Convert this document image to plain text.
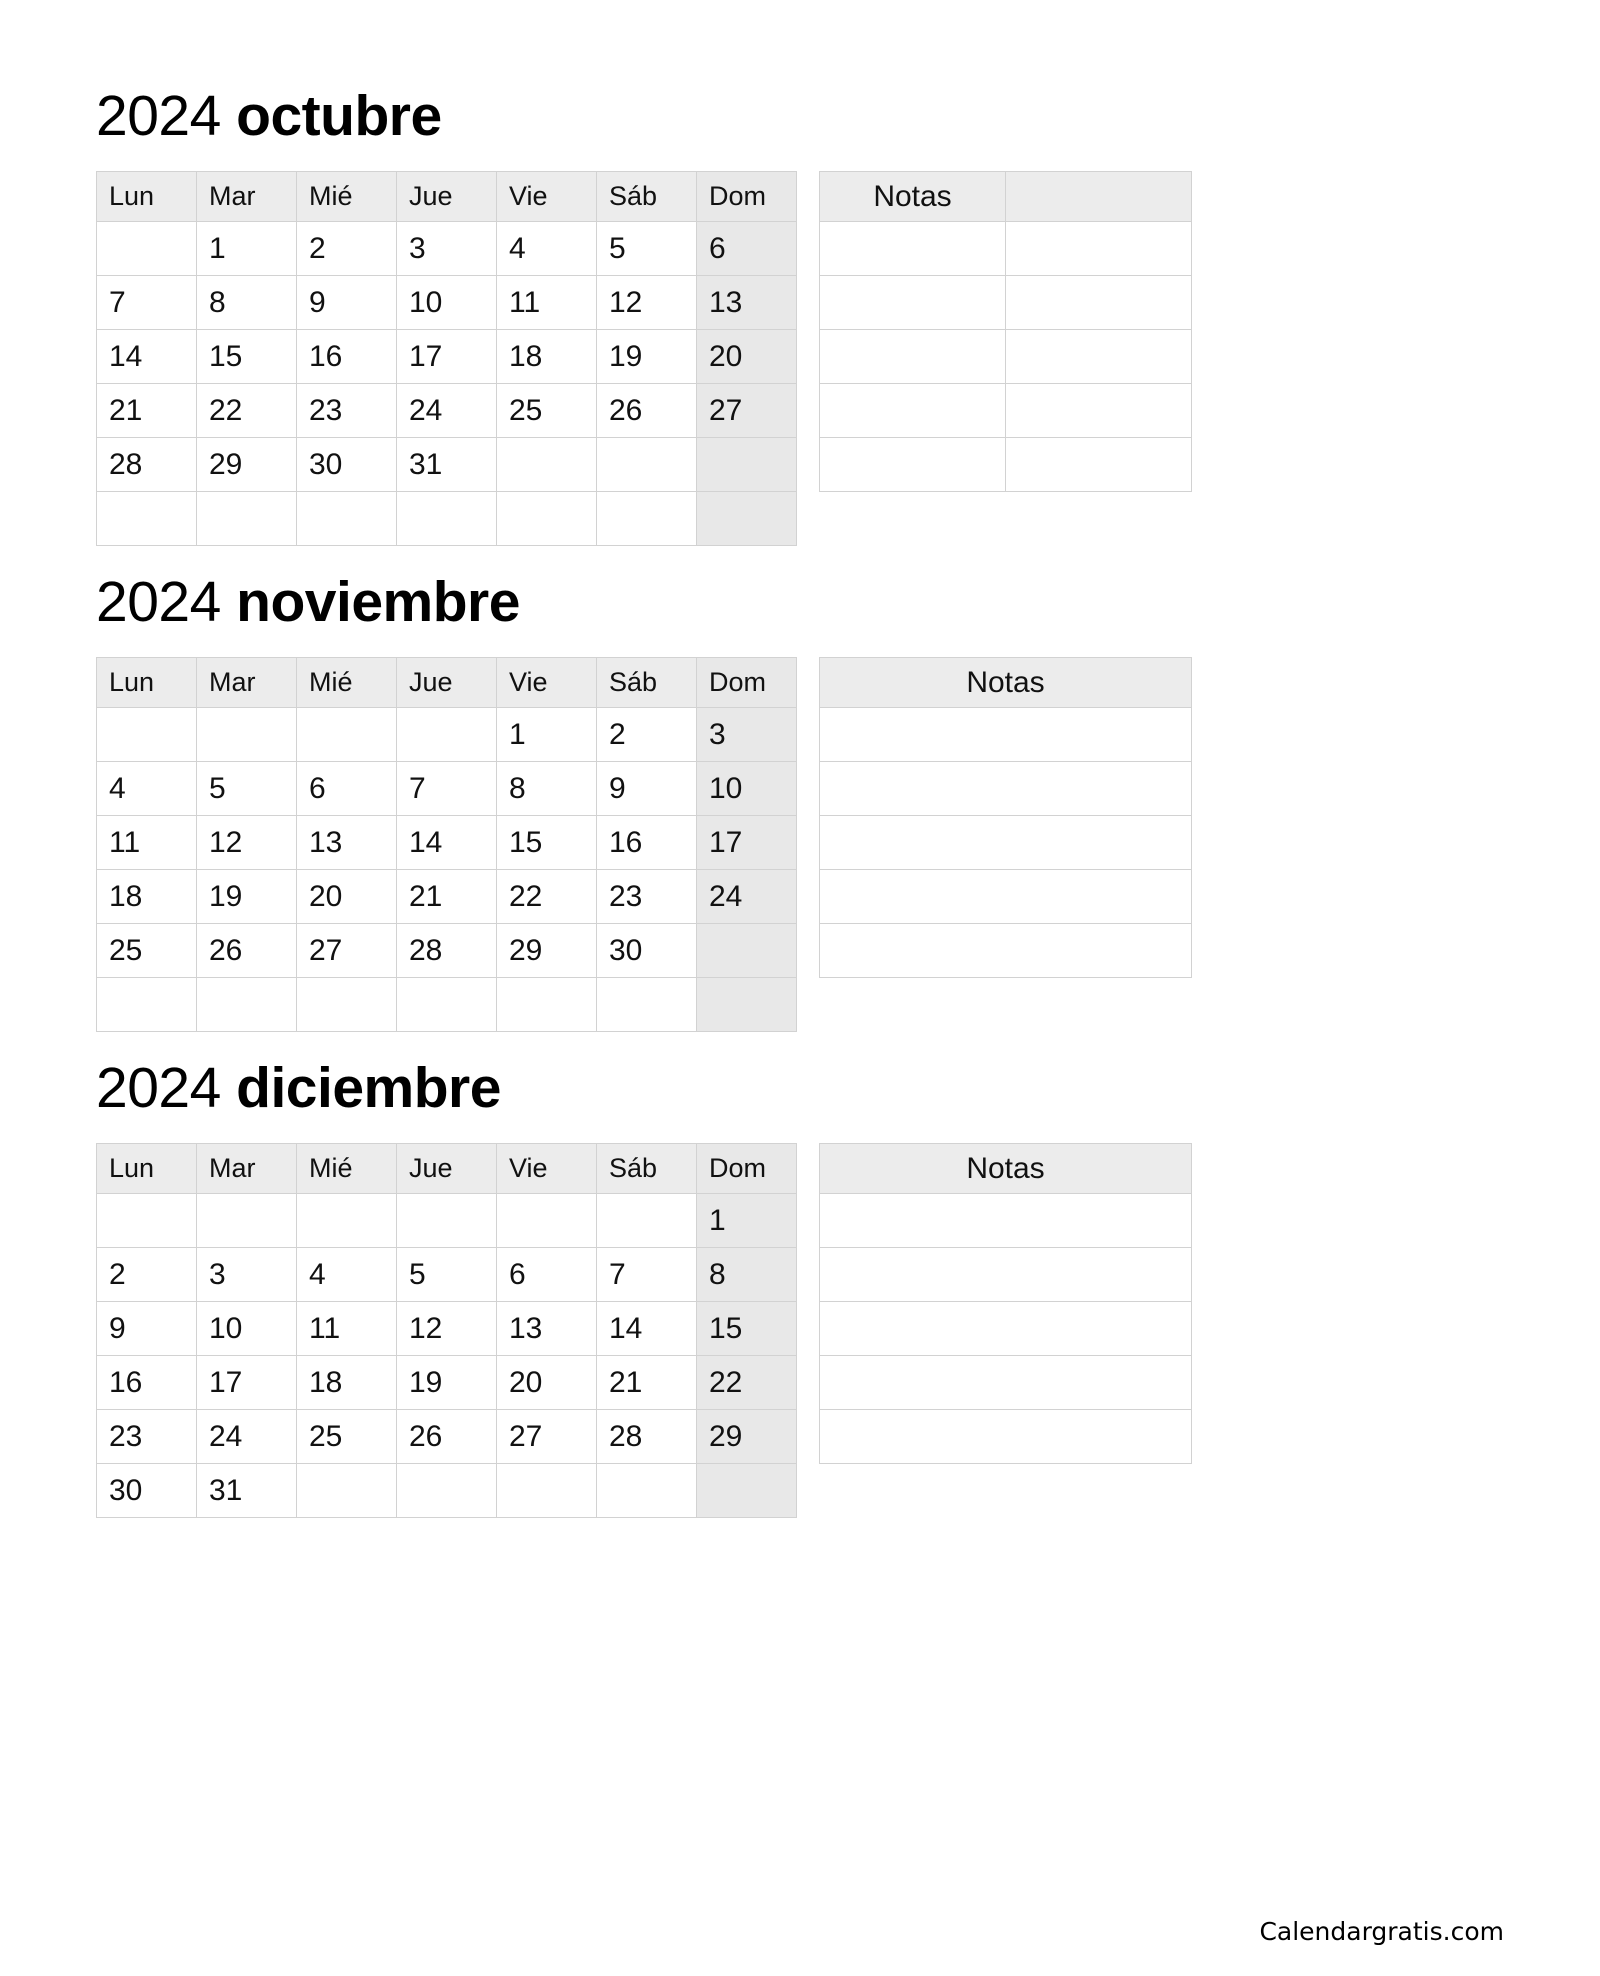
2024 octubre
Lun	Mar	Mié	Jue	Vie	Sáb	Dom
	1	2	3	4	5	6
7	8	9	10	11	12	13
14	15	16	17	18	19	20
21	22	23	24	25	26	27
28	29	30	31			

Notas	

2024 noviembre
Lun	Mar	Mié	Jue	Vie	Sáb	Dom
				1	2	3
4	5	6	7	8	9	10
11	12	13	14	15	16	17
18	19	20	21	22	23	24
25	26	27	28	29	30	

Notas

2024 diciembre
Lun	Mar	Mié	Jue	Vie	Sáb	Dom
						1
2	3	4	5	6	7	8
9	10	11	12	13	14	15
16	17	18	19	20	21	22
23	24	25	26	27	28	29
30	31					
Notas

Calendargratis.com
